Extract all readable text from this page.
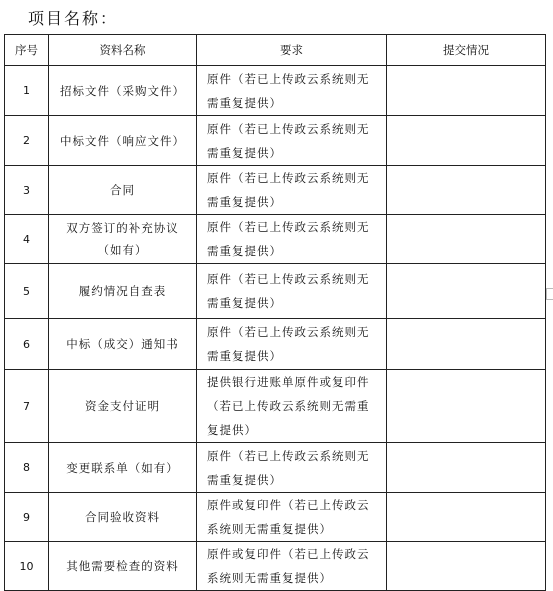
项目名称：
序号	资料名称	要求	提交情况
1	招标文件（采购文件）	原件（若已上传政云系统则无需重复提供）	
2	中标文件（响应文件）	原件（若已上传政云系统则无需重复提供）	
3	合同	原件（若已上传政云系统则无需重复提供）	
4	双方签订的补充协议（如有）	原件（若已上传政云系统则无需重复提供）	
5	履约情况自查表	原件（若已上传政云系统则无需重复提供）	
6	中标（成交）通知书	原件（若已上传政云系统则无需重复提供）	
7	资金支付证明	提供银行进账单原件或复印件（若已上传政云系统则无需重复提供）	
8	变更联系单（如有）	原件（若已上传政云系统则无需重复提供）	
9	合同验收资料	原件或复印件（若已上传政云系统则无需重复提供）	
10	其他需要检查的资料	原件或复印件（若已上传政云系统则无需重复提供）	
